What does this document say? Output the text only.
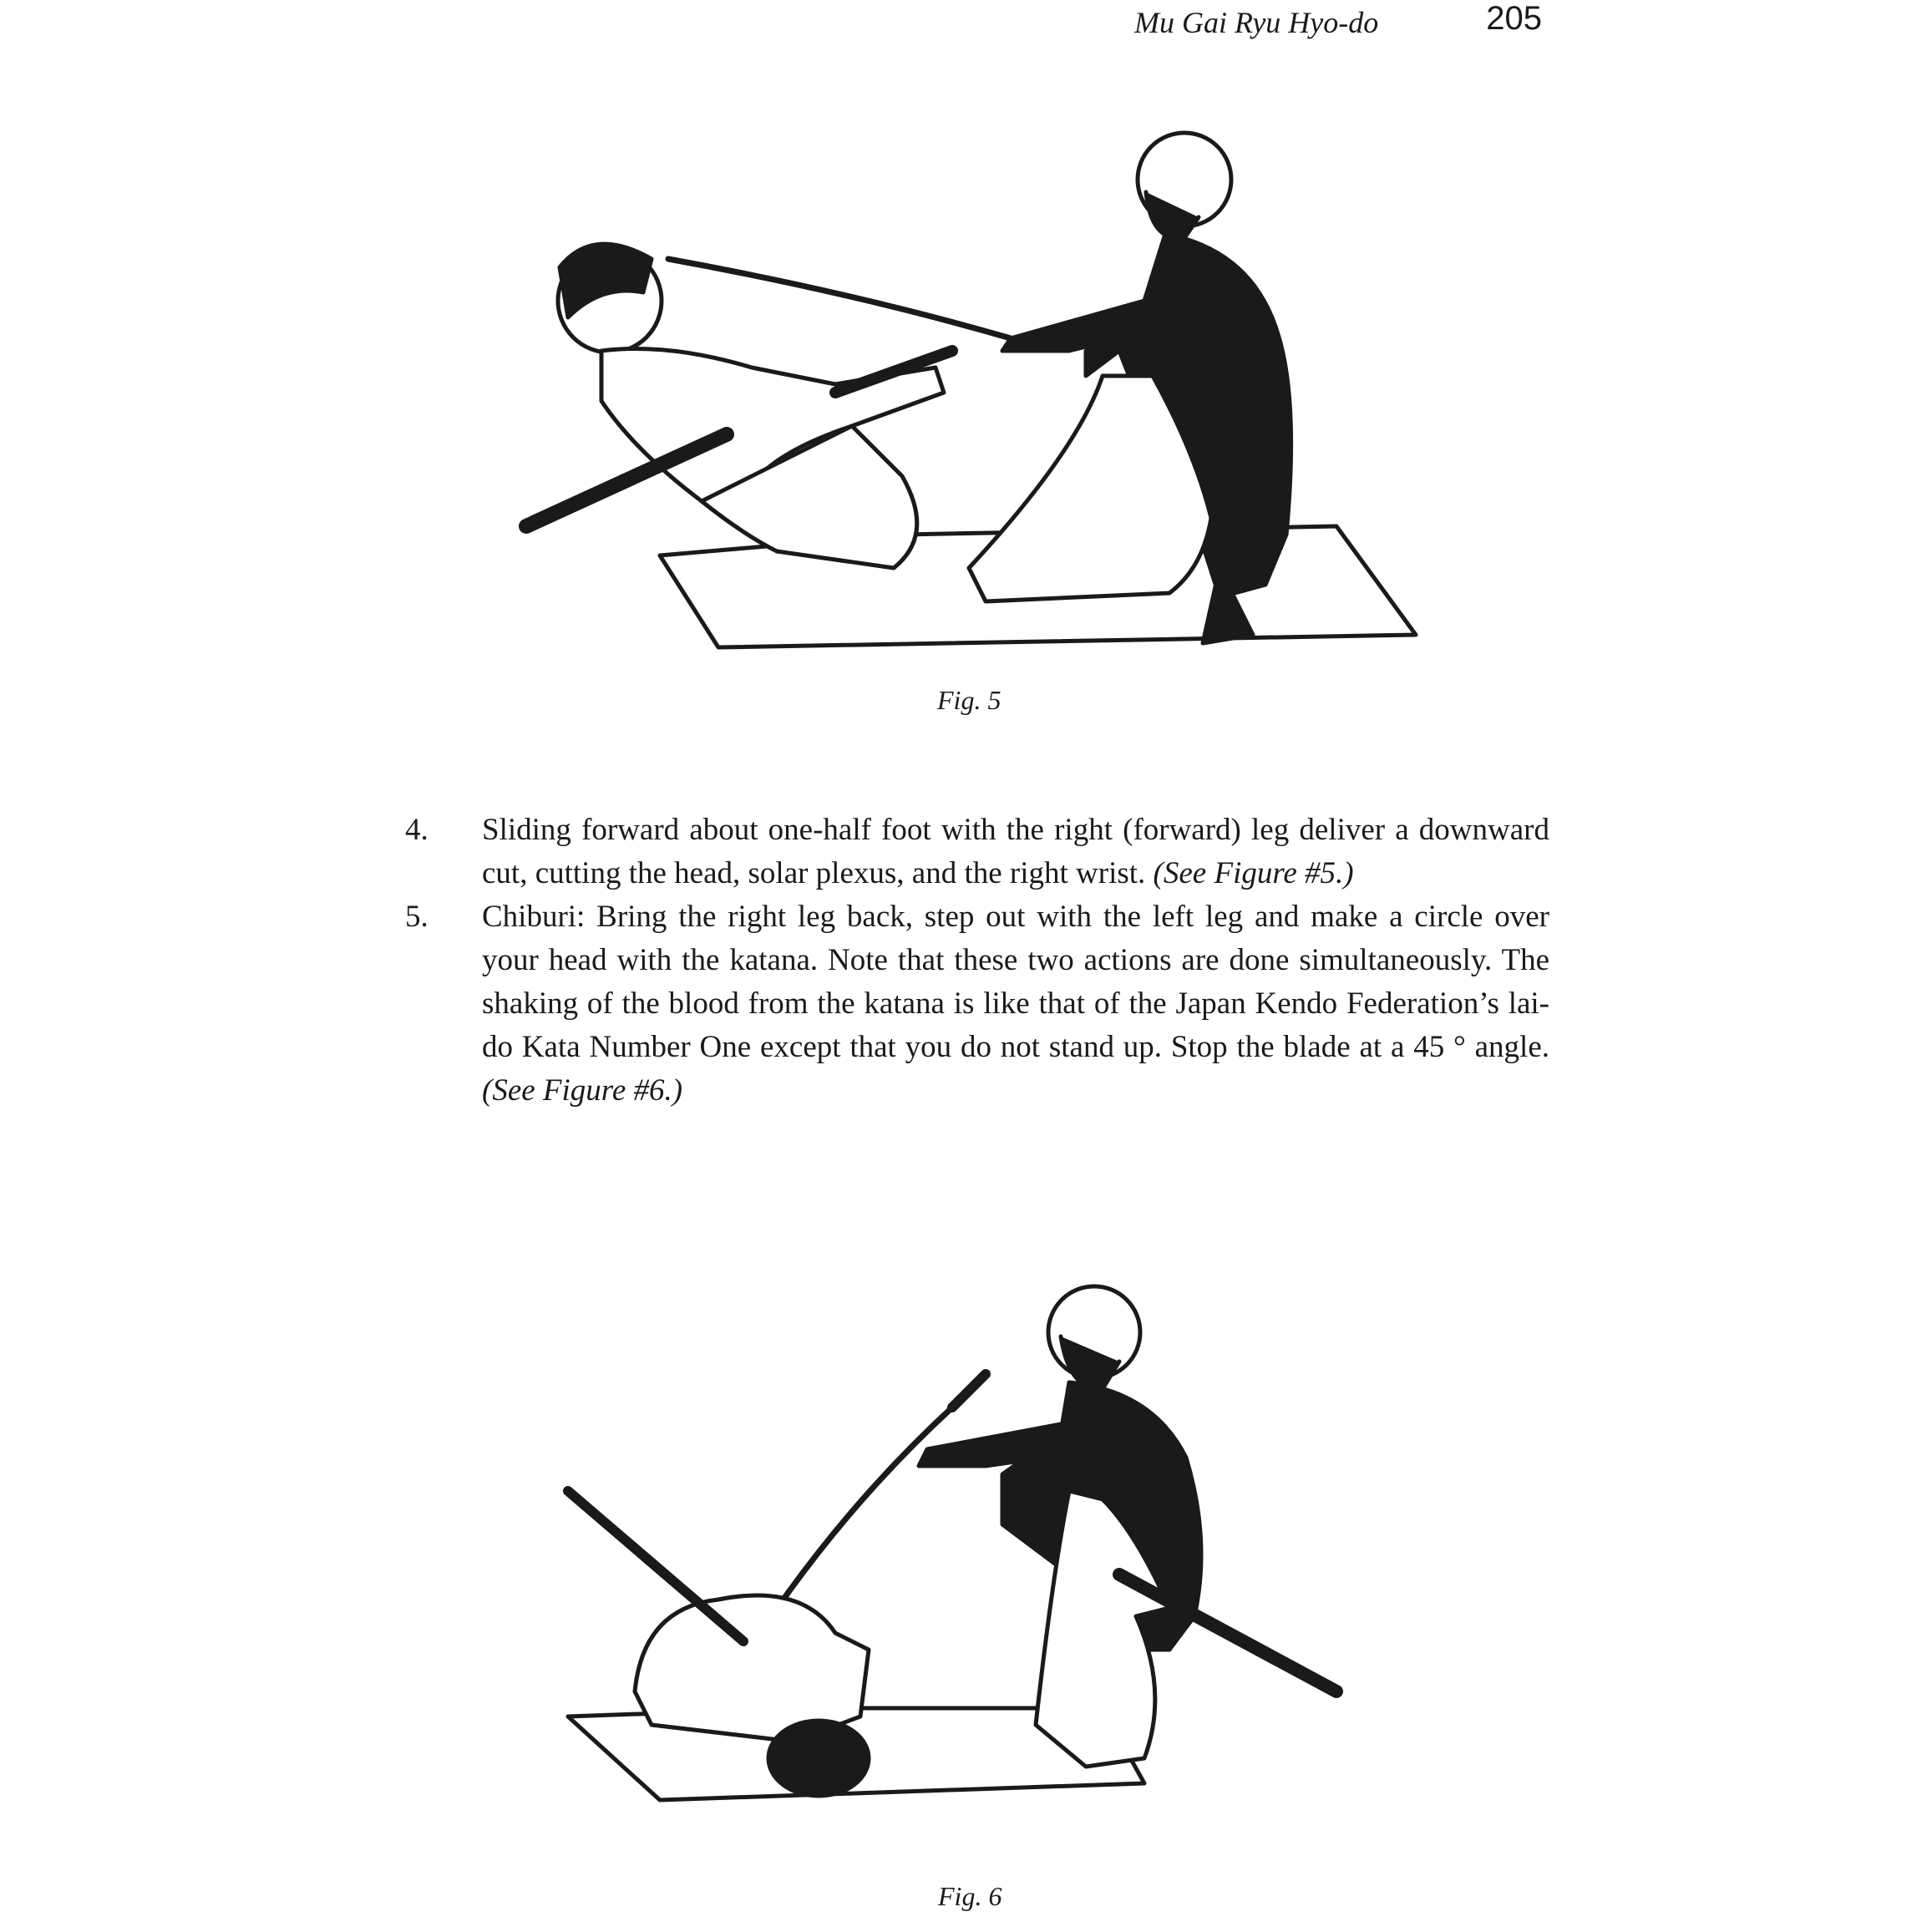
Mu Gai Ryu Hyo-do	205
Fig. 5
4. Sliding forward about one-half foot with the right (forward) leg deliver a downward cut, cutting the head, solar plexus, and the right wrist. (See Figure #5.)
5. Chiburi: Bring the right leg back, step out with the left leg and make a circle over your head with the katana. Note that these two actions are done simultaneously. The shaking of the blood from the katana is like that of the Japan Kendo Federation’s lai-do Kata Number One except that you do not stand up. Stop the blade at a 45 ° angle. (See Figure #6.)
Fig. 6
